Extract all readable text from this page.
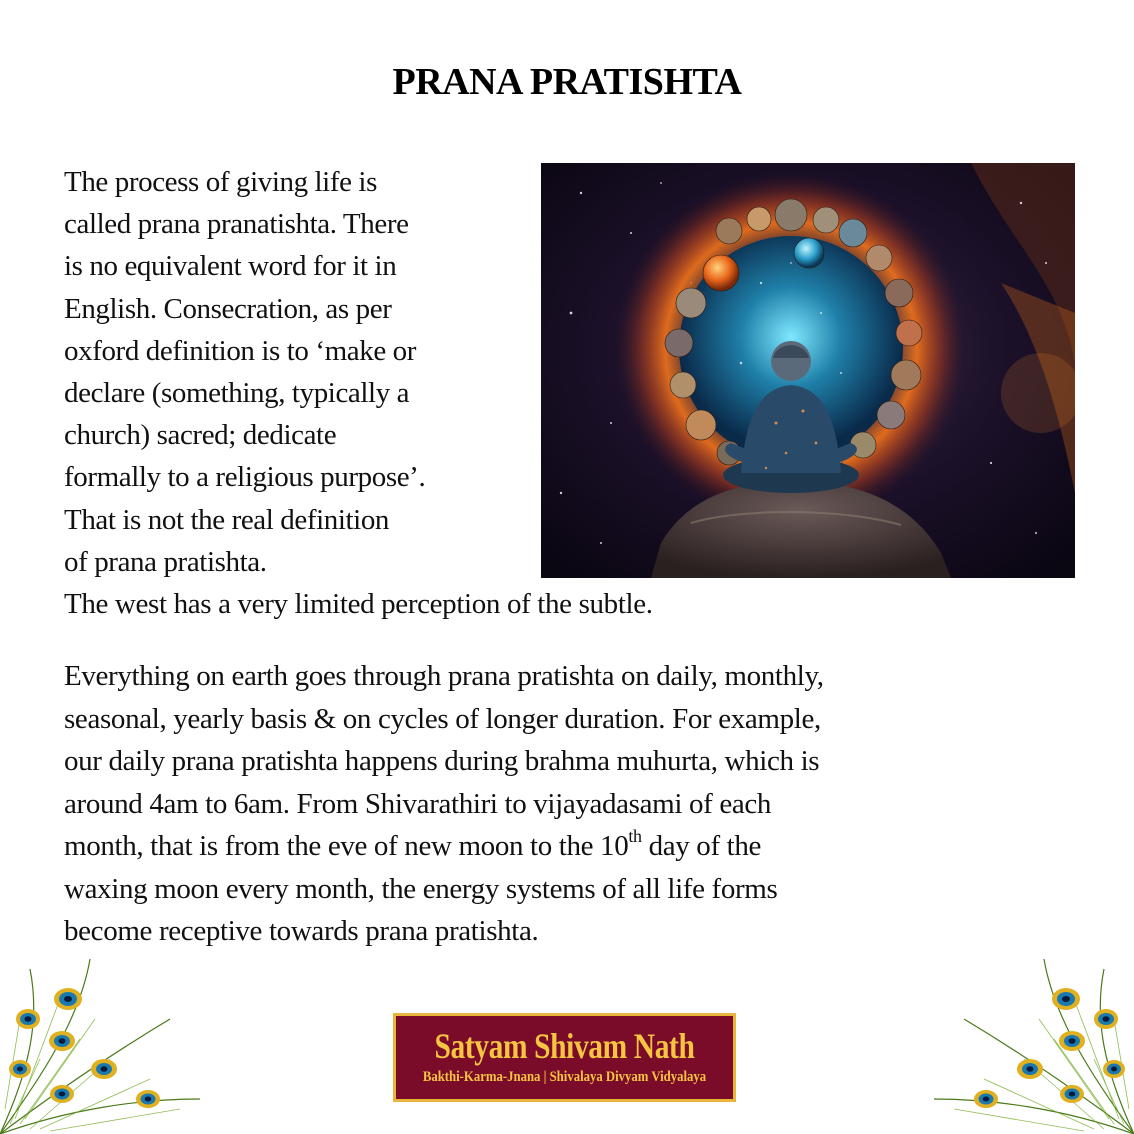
PRANA PRATISHTA
The process of giving life is
called prana pranatishta. There
is no equivalent word for it in
English. Consecration, as per
oxford definition is to ‘make or
declare (something, typically a
church) sacred; dedicate
formally to a religious purpose’.
That is not the real definition
of prana pratishta.
The west has a very limited perception of the subtle.
Everything on earth goes through prana pratishta on daily, monthly,
seasonal, yearly basis & on cycles of longer duration. For example,
our daily prana pratishta happens during brahma muhurta, which is
around 4am to 6am. From Shivarathiri to vijayadasami of each
month, that is from the eve of new moon to the 10th day of the
waxing moon every month, the energy systems of all life forms
become receptive towards prana pratishta.
Satyam Shivam Nath
Bakthi-Karma-Jnana | Shivalaya Divyam Vidyalaya
